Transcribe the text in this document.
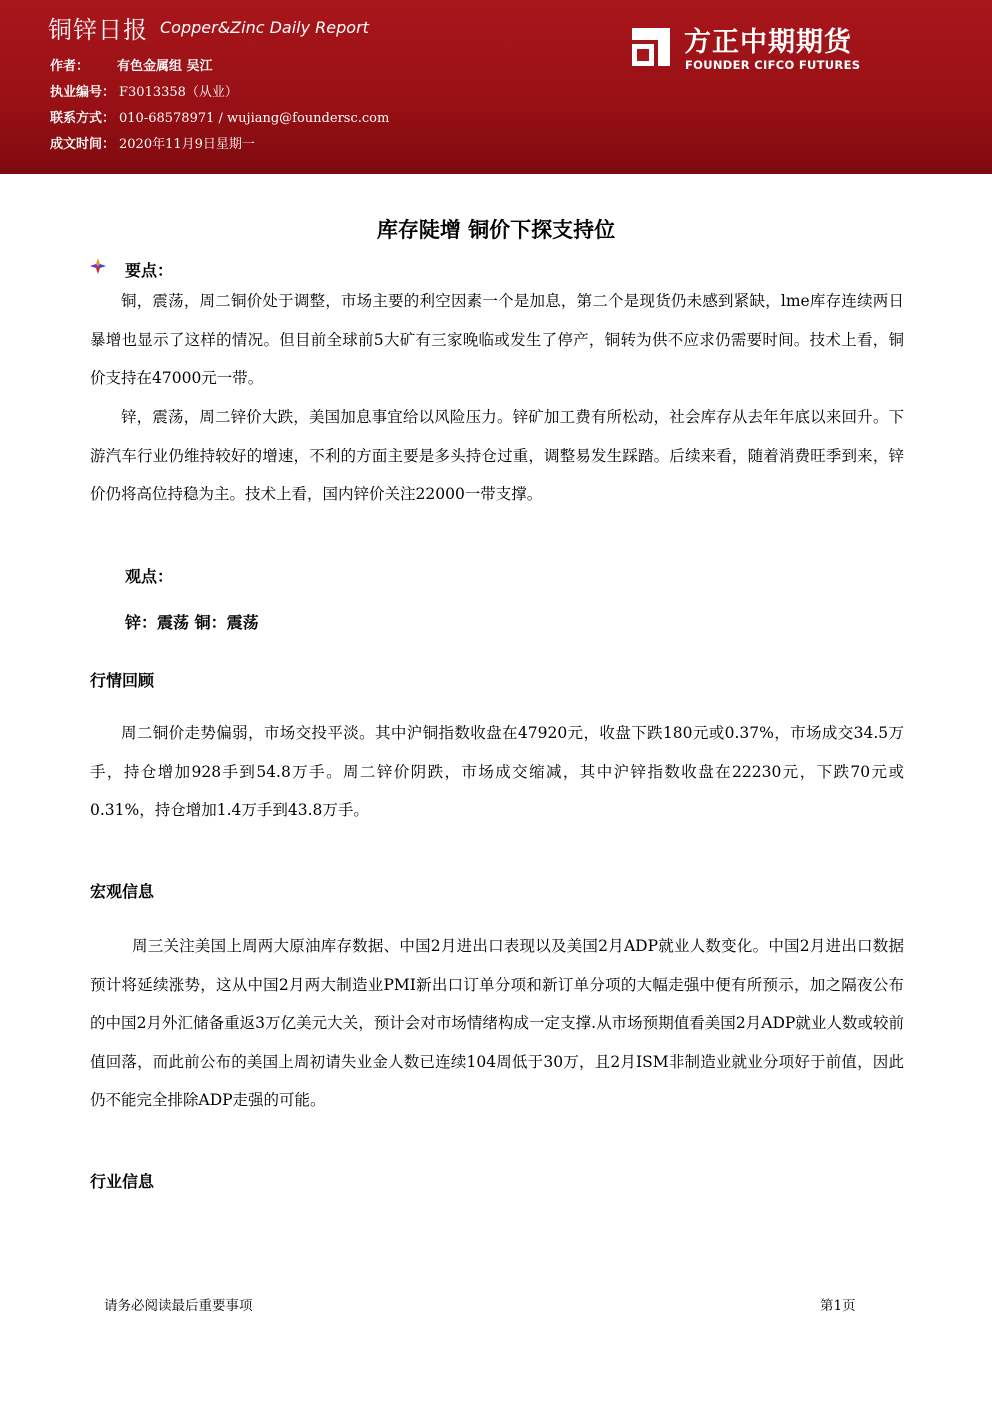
铜锌日报 Copper&Zinc Daily Report
作者： 有色金属组 吴江
执业编号： F3013358（从业）
联系方式： 010-68578971 / wujiang@foundersc.com
成文时间： 2020年11月9日星期一
方正中期期货
FOUNDER CIFCO FUTURES
库存陡增 铜价下探支持位
要点：

铜，震荡，周二铜价处于调整，市场主要的利空因素一个是加息，第二个是现货仍未感到紧缺，lme库存连续两日暴增也显示了这样的情况。但目前全球前5大矿有三家晚临或发生了停产，铜转为供不应求仍需要时间。技术上看，铜价支持在47000元一带。

锌，震荡，周二锌价大跌，美国加息事宜给以风险压力。锌矿加工费有所松动，社会库存从去年年底以来回升。下游汽车行业仍维持较好的增速，不利的方面主要是多头持仓过重，调整易发生踩踏。后续来看，随着消费旺季到来，锌价仍将高位持稳为主。技术上看，国内锌价关注22000一带支撑。

观点：
锌：震荡 铜：震荡
行情回顾

周二铜价走势偏弱，市场交投平淡。其中沪铜指数收盘在47920元，收盘下跌180元或0.37%，市场成交34.5万手，持仓增加928手到54.8万手。周二锌价阴跌，市场成交缩减，其中沪锌指数收盘在22230元，下跌70元或0.31%，持仓增加1.4万手到43.8万手。

宏观信息

周三关注美国上周两大原油库存数据、中国2月进出口表现以及美国2月ADP就业人数变化。中国2月进出口数据预计将延续涨势，这从中国2月两大制造业PMI新出口订单分项和新订单分项的大幅走强中便有所预示，加之隔夜公布的中国2月外汇储备重返3万亿美元大关，预计会对市场情绪构成一定支撑.从市场预期值看美国2月ADP就业人数或较前值回落，而此前公布的美国上周初请失业金人数已连续104周低于30万，且2月ISM非制造业就业分项好于前值，因此仍不能完全排除ADP走强的可能。

行业信息
请务必阅读最后重要事项	第1页
